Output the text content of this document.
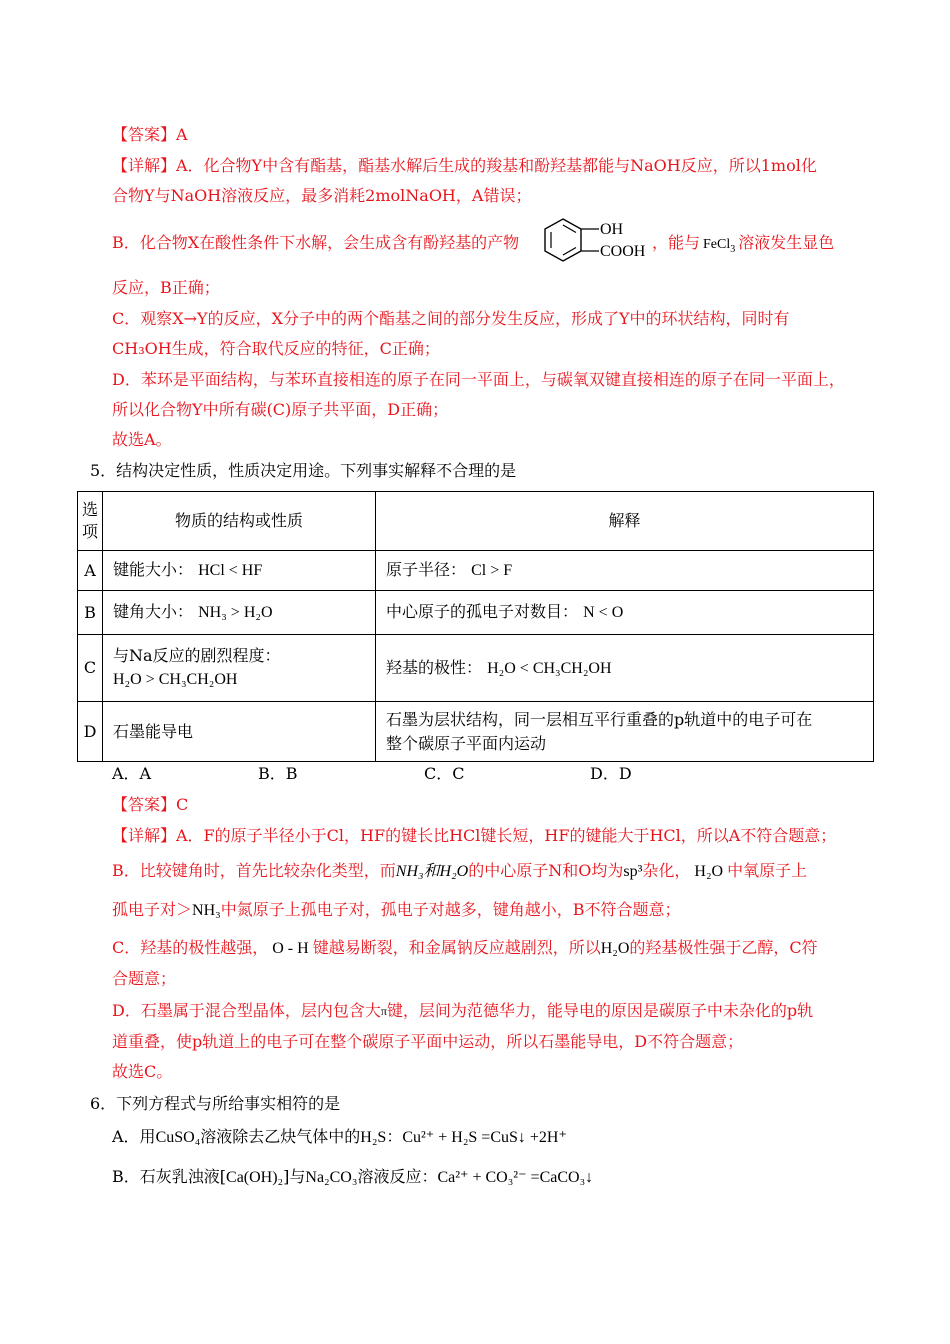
【答案】A
【详解】A．化合物Y中含有酯基，酯基水解后生成的羧基和酚羟基都能与NaOH反应，所以1mol化
合物Y与NaOH溶液反应，最多消耗2molNaOH，A错误；
B．化合物X在酸性条件下水解，会生成含有酚羟基的产物
OH
COOH ，能与 FeCl$_3$ 溶液发生显色
反应，B正确；
C．观察X→Y的反应，X分子中的两个酯基之间的部分发生反应，形成了Y中的环状结构，同时有
CH₃OH生成，符合取代反应的特征，C正确；
D．苯环是平面结构，与苯环直接相连的原子在同一平面上，与碳氧双键直接相连的原子在同一平面上，
所以化合物Y中所有碳(C)原子共平面，D正确；
故选A。
5．结构决定性质，性质决定用途。下列事实解释不合理的是
选项	物质的结构或性质	解释
A	键能大小： HCl < HF	原子半径： Cl > F
B	键角大小： NH₃ > H₂O	中心原子的孤电子对数目： N < O
C	与Na反应的剧烈程度：
H₂O > CH₃CH₂OH	羟基的极性： H₂O < CH₃CH₂OH
D	石墨能导电	石墨为层状结构，同一层相互平行重叠的p轨道中的电子可在
整个碳原子平面内运动
A．A	B．B	C．C	D．D
【答案】C
【详解】A．F的原子半径小于Cl，HF的键长比HCl键长短，HF的键能大于HCl，所以A不符合题意；
B．比较键角时，首先比较杂化类型，而NH₃和H₂O的中心原子N和O均为sp³杂化， H₂O 中氧原子上
孤电子对＞NH₃中氮原子上孤电子对，孤电子对越多，键角越小，B不符合题意；
C．羟基的极性越强， O - H 键越易断裂，和金属钠反应越剧烈，所以H₂O的羟基极性强于乙醇，C符
合题意；
D．石墨属于混合型晶体，层内包含大$^\pi$键，层间为范德华力，能导电的原因是碳原子中未杂化的p轨
道重叠，使p轨道上的电子可在整个碳原子平面中运动，所以石墨能导电，D不符合题意；
故选C。
6．下列方程式与所给事实相符的是
A．用CuSO₄溶液除去乙炔气体中的H₂S：Cu²⁺ + H₂S =CuS↓ +2H⁺
B．石灰乳浊液[Ca(OH)₂]与Na₂CO₃溶液反应：Ca²⁺ + CO₃²⁻ =CaCO₃↓
